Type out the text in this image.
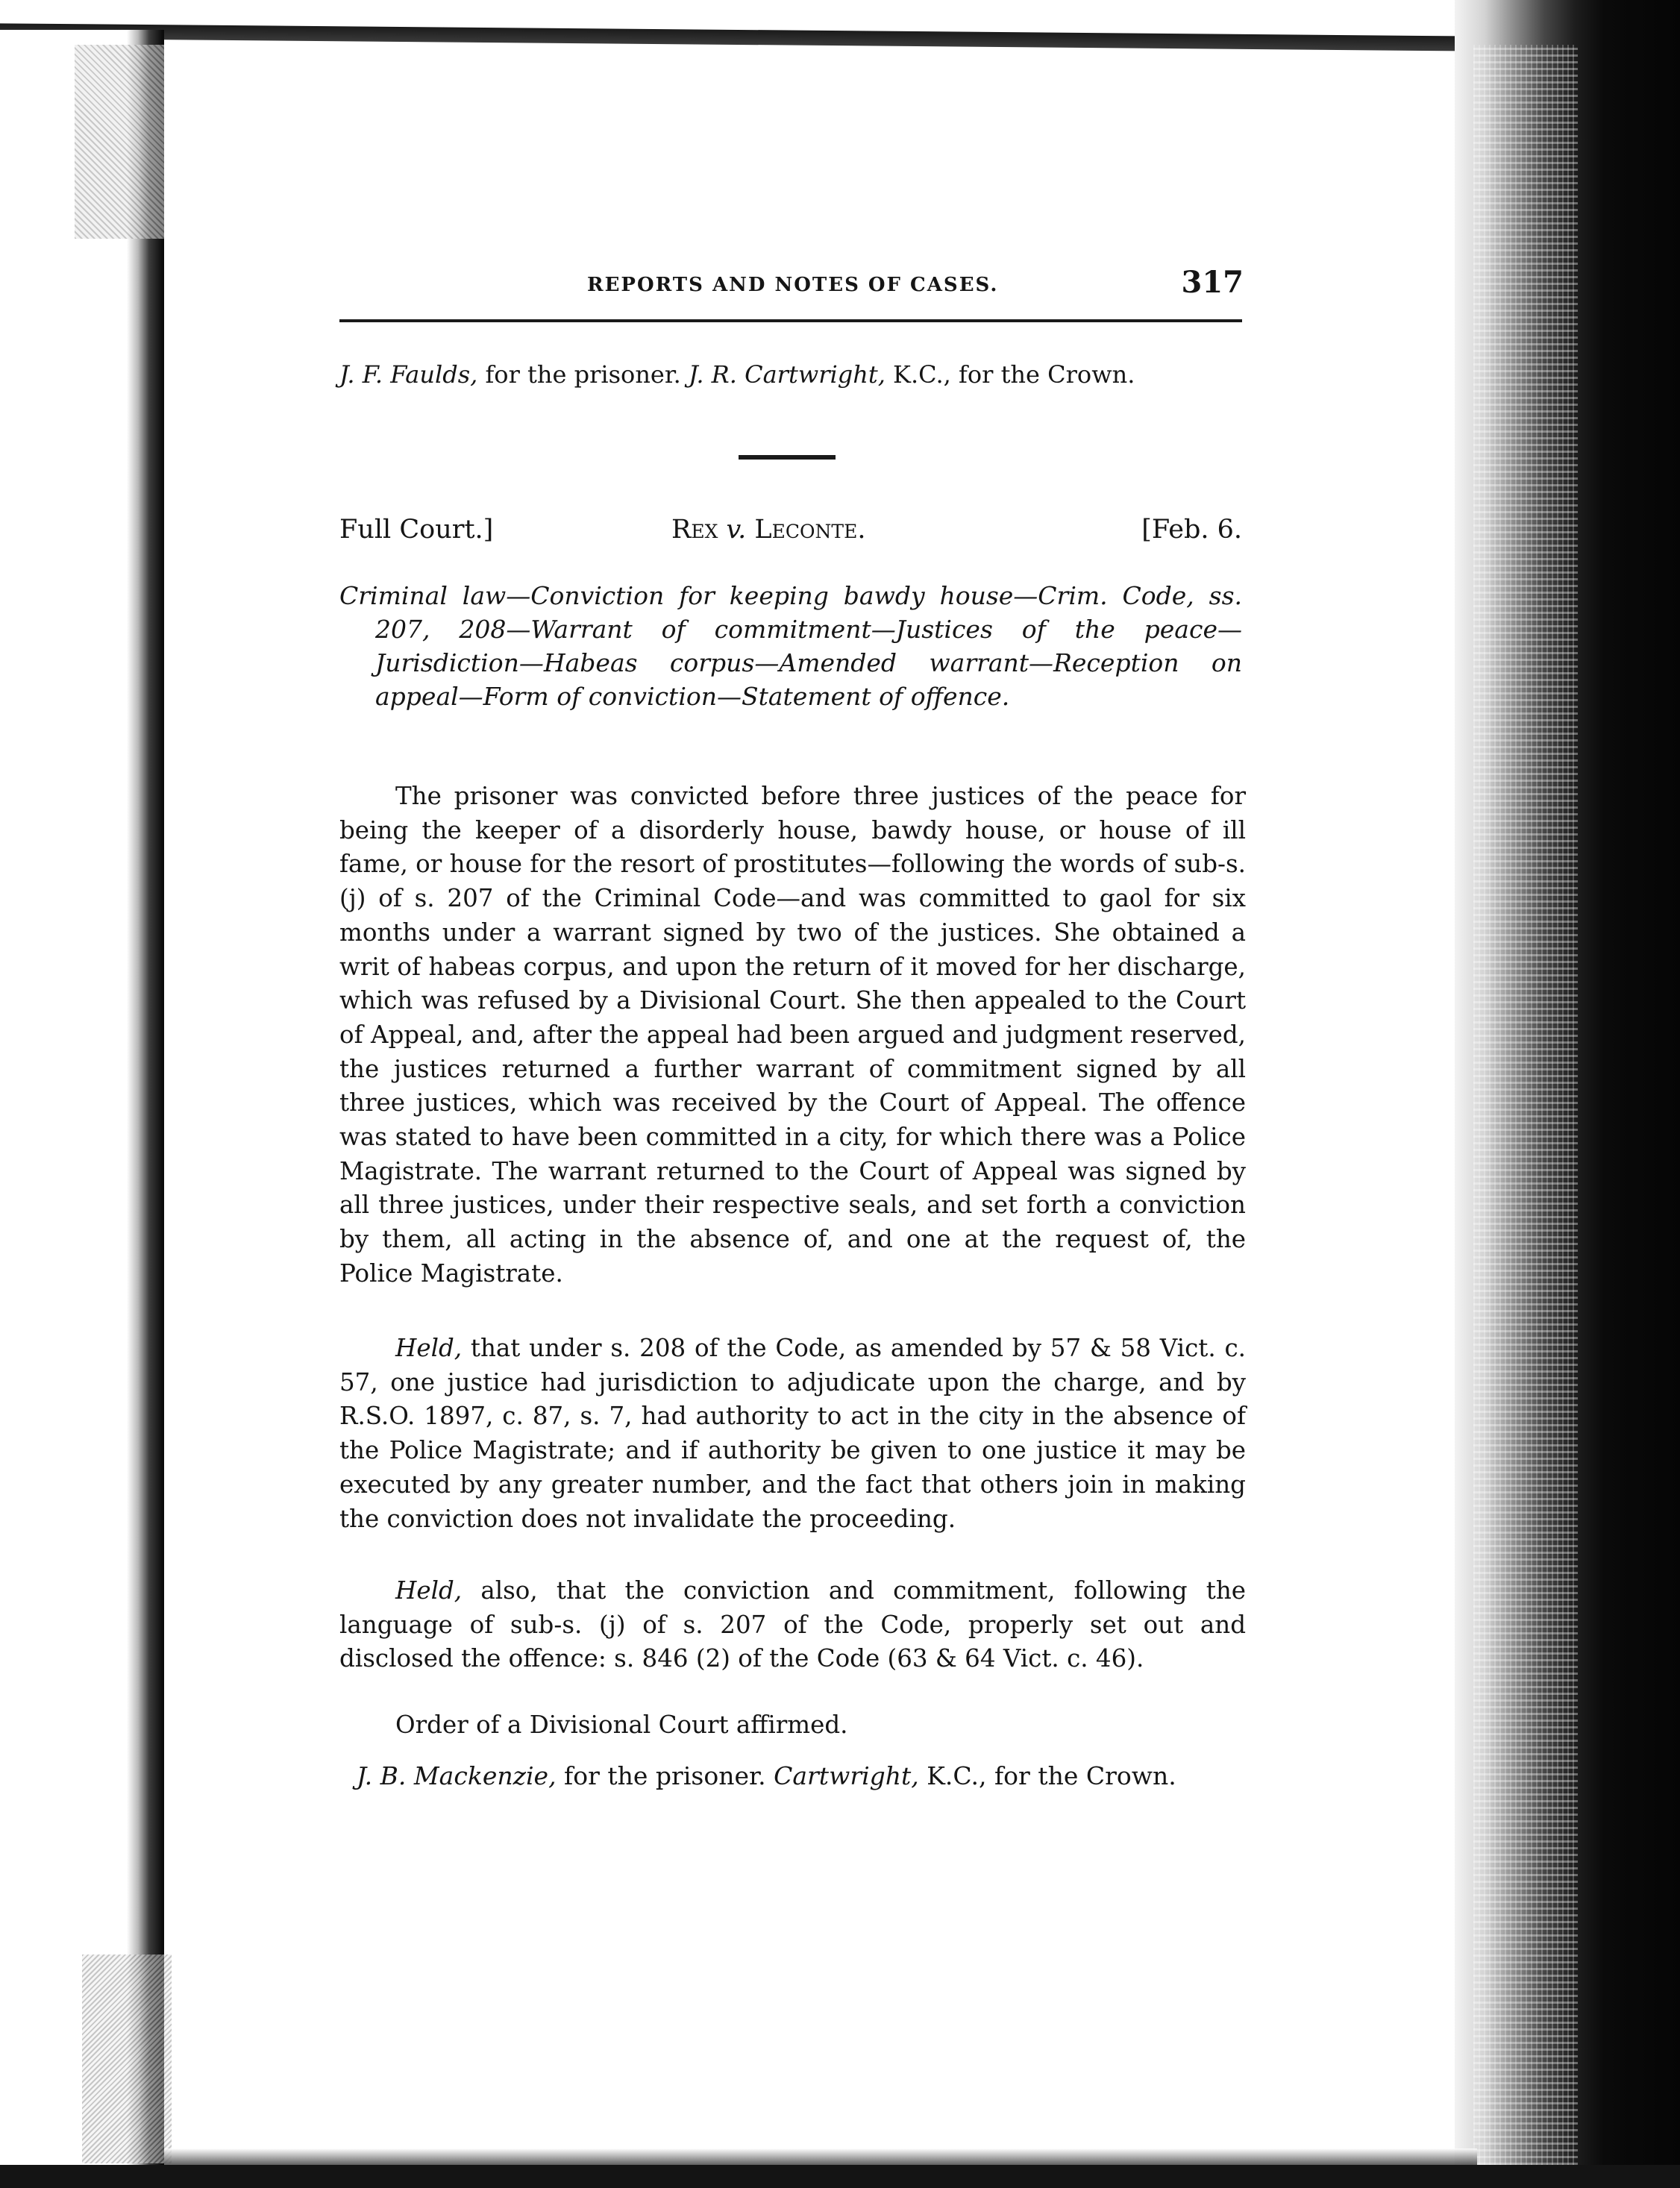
REPORTS AND NOTES OF CASES.	317
J. F. Faulds, for the prisoner. J. R. Cartwright, K.C., for the Crown.
Full Court.]	Rex v. Leconte.	[Feb. 6.
Criminal law—Conviction for keeping bawdy house—Crim. Code, ss. 207, 208—Warrant of commitment—Justices of the peace—Jurisdiction—Habeas corpus—Amended warrant—Reception on appeal—Form of conviction—Statement of offence.
The prisoner was convicted before three justices of the peace for being the keeper of a disorderly house, bawdy house, or house of ill fame, or house for the resort of prostitutes—following the words of sub-s. (j) of s. 207 of the Criminal Code—and was committed to gaol for six months under a warrant signed by two of the justices. She obtained a writ of habeas corpus, and upon the return of it moved for her discharge, which was refused by a Divisional Court. She then appealed to the Court of Appeal, and, after the appeal had been argued and judgment reserved, the justices returned a further warrant of commitment signed by all three justices, which was received by the Court of Appeal. The offence was stated to have been committed in a city, for which there was a Police Magistrate. The warrant returned to the Court of Appeal was signed by all three justices, under their respective seals, and set forth a conviction by them, all acting in the absence of, and one at the request of, the Police Magistrate.
Held, that under s. 208 of the Code, as amended by 57 & 58 Vict. c. 57, one justice had jurisdiction to adjudicate upon the charge, and by R.S.O. 1897, c. 87, s. 7, had authority to act in the city in the absence of the Police Magistrate; and if authority be given to one justice it may be executed by any greater number, and the fact that others join in making the conviction does not invalidate the proceeding.
Held, also, that the conviction and commitment, following the language of sub-s. (j) of s. 207 of the Code, properly set out and disclosed the offence: s. 846 (2) of the Code (63 & 64 Vict. c. 46).
Order of a Divisional Court affirmed.
J. B. Mackenzie, for the prisoner. Cartwright, K.C., for the Crown.
